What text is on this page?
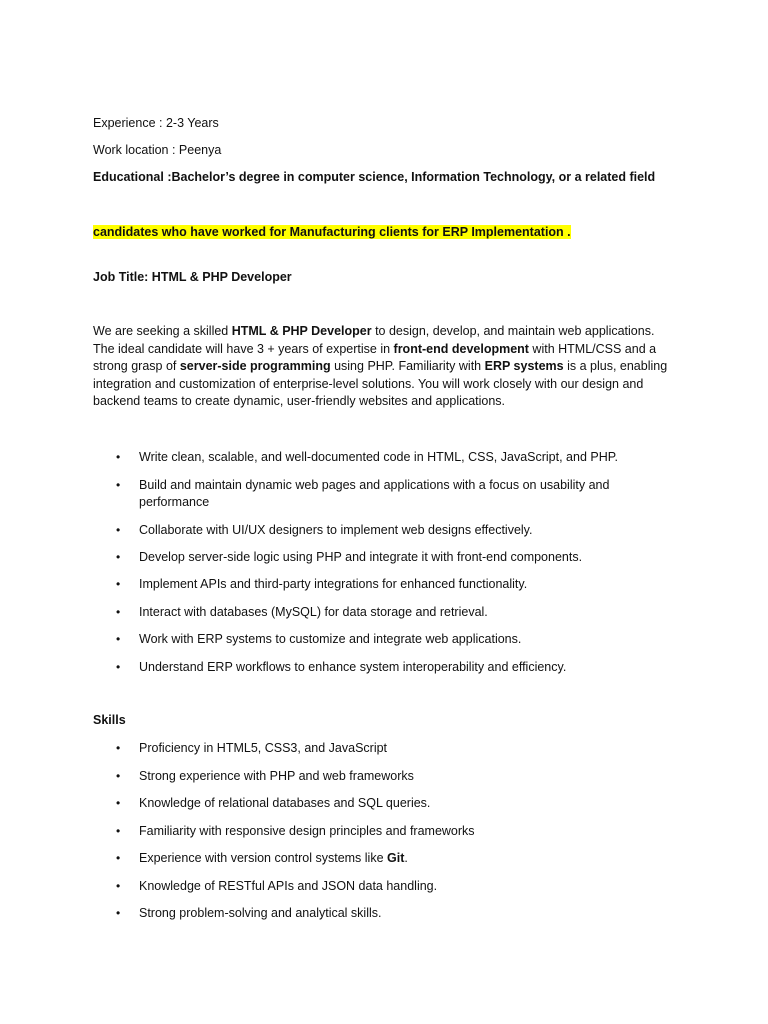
Experience : 2-3 Years
Work location : Peenya
Educational :Bachelor’s degree in computer science, Information Technology, or a related field
candidates who have worked for Manufacturing clients for ERP Implementation .
Job Title: HTML & PHP Developer
We are seeking a skilled HTML & PHP Developer to design, develop, and maintain web applications.
The ideal candidate will have 3 + years of expertise in front-end development with HTML/CSS and a
strong grasp of server-side programming using PHP. Familiarity with ERP systems is a plus, enabling
integration and customization of enterprise-level solutions. You will work closely with our design and
backend teams to create dynamic, user-friendly websites and applications.
• Write clean, scalable, and well-documented code in HTML, CSS, JavaScript, and PHP.
• Build and maintain dynamic web pages and applications with a focus on usability and performance
• Collaborate with UI/UX designers to implement web designs effectively.
• Develop server-side logic using PHP and integrate it with front-end components.
• Implement APIs and third-party integrations for enhanced functionality.
• Interact with databases (MySQL) for data storage and retrieval.
• Work with ERP systems to customize and integrate web applications.
• Understand ERP workflows to enhance system interoperability and efficiency.
Skills
• Proficiency in HTML5, CSS3, and JavaScript
• Strong experience with PHP and web frameworks
• Knowledge of relational databases and SQL queries.
• Familiarity with responsive design principles and frameworks
• Experience with version control systems like Git.
• Knowledge of RESTful APIs and JSON data handling.
• Strong problem-solving and analytical skills.
